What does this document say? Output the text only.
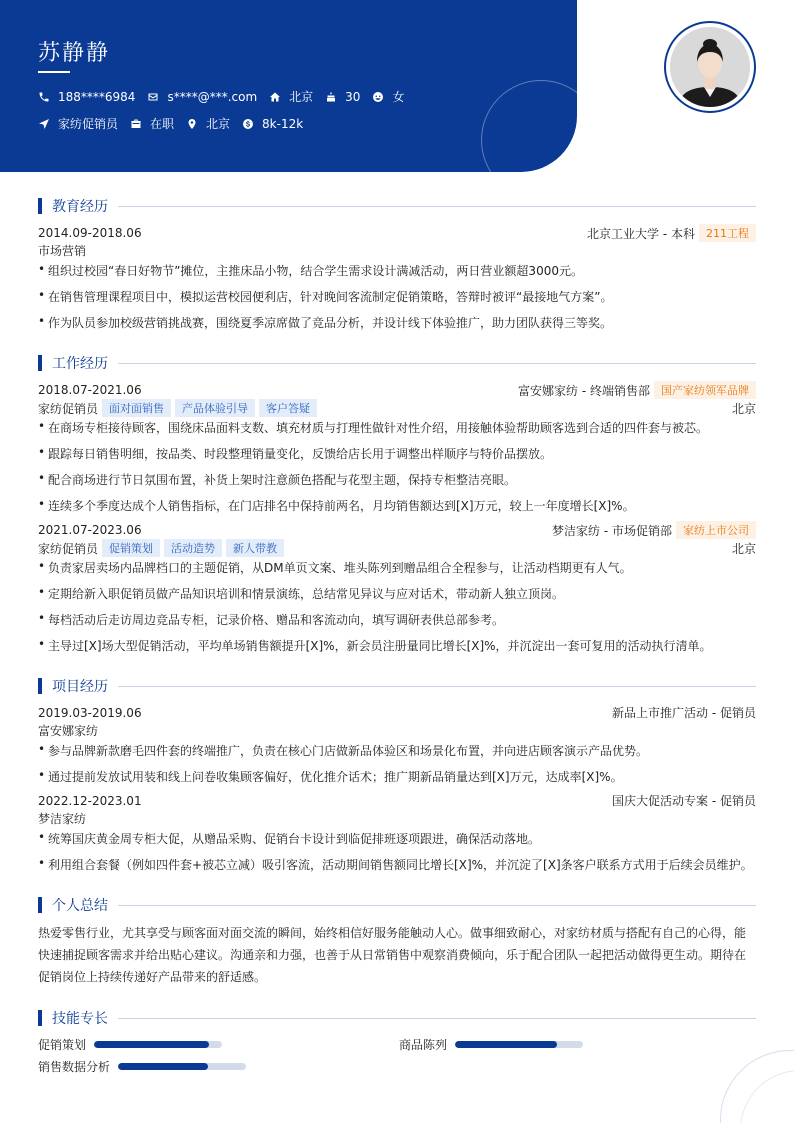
苏静静
188****6984	s****@***.com	北京	30	女
家纺促销员	在职	北京	8k-12k
教育经历
2014.09-2018.06	北京工业大学 - 本科	211工程
市场营销
• 组织过校园“春日好物节”摊位，主推床品小物，结合学生需求设计满减活动，两日营业额超3000元。
• 在销售管理课程项目中，模拟运营校园便利店，针对晚间客流制定促销策略，答辩时被评“最接地气方案”。
• 作为队员参加校级营销挑战赛，围绕夏季凉席做了竞品分析，并设计线下体验推广，助力团队获得三等奖。
工作经历
2018.07-2021.06	富安娜家纺 - 终端销售部	国产家纺领军品牌
家纺促销员	面对面销售	产品体验引导	客户答疑	北京
• 在商场专柜接待顾客，围绕床品面料支数、填充材质与打理性做针对性介绍，用接触体验帮助顾客选到合适的四件套与被芯。
• 跟踪每日销售明细，按品类、时段整理销量变化，反馈给店长用于调整出样顺序与特价品摆放。
• 配合商场进行节日氛围布置，补货上架时注意颜色搭配与花型主题，保持专柜整洁亮眼。
• 连续多个季度达成个人销售指标，在门店排名中保持前两名，月均销售额达到[X]万元，较上一年度增长[X]%。
2021.07-2023.06	梦洁家纺 - 市场促销部	家纺上市公司
家纺促销员	促销策划	活动造势	新人带教	北京
• 负责家居卖场内品牌档口的主题促销，从DM单页文案、堆头陈列到赠品组合全程参与，让活动档期更有人气。
• 定期给新入职促销员做产品知识培训和情景演练，总结常见异议与应对话术，带动新人独立顶岗。
• 每档活动后走访周边竞品专柜，记录价格、赠品和客流动向，填写调研表供总部参考。
• 主导过[X]场大型促销活动，平均单场销售额提升[X]%，新会员注册量同比增长[X]%，并沉淀出一套可复用的活动执行清单。
项目经历
2019.03-2019.06	新品上市推广活动 - 促销员
富安娜家纺
• 参与品牌新款磨毛四件套的终端推广，负责在核心门店做新品体验区和场景化布置，并向进店顾客演示产品优势。
• 通过提前发放试用装和线上问卷收集顾客偏好，优化推介话术；推广期新品销量达到[X]万元，达成率[X]%。
2022.12-2023.01	国庆大促活动专案 - 促销员
梦洁家纺
• 统筹国庆黄金周专柜大促，从赠品采购、促销台卡设计到临促排班逐项跟进，确保活动落地。
• 利用组合套餐（例如四件套+被芯立减）吸引客流，活动期间销售额同比增长[X]%，并沉淀了[X]条客户联系方式用于后续会员维护。
个人总结
热爱零售行业，尤其享受与顾客面对面交流的瞬间，始终相信好服务能触动人心。做事细致耐心，对家纺材质与搭配有自己的心得，能
快速捕捉顾客需求并给出贴心建议。沟通亲和力强，也善于从日常销售中观察消费倾向，乐于配合团队一起把活动做得更生动。期待在
促销岗位上持续传递好产品带来的舒适感。
技能专长
促销策划	商品陈列
销售数据分析
